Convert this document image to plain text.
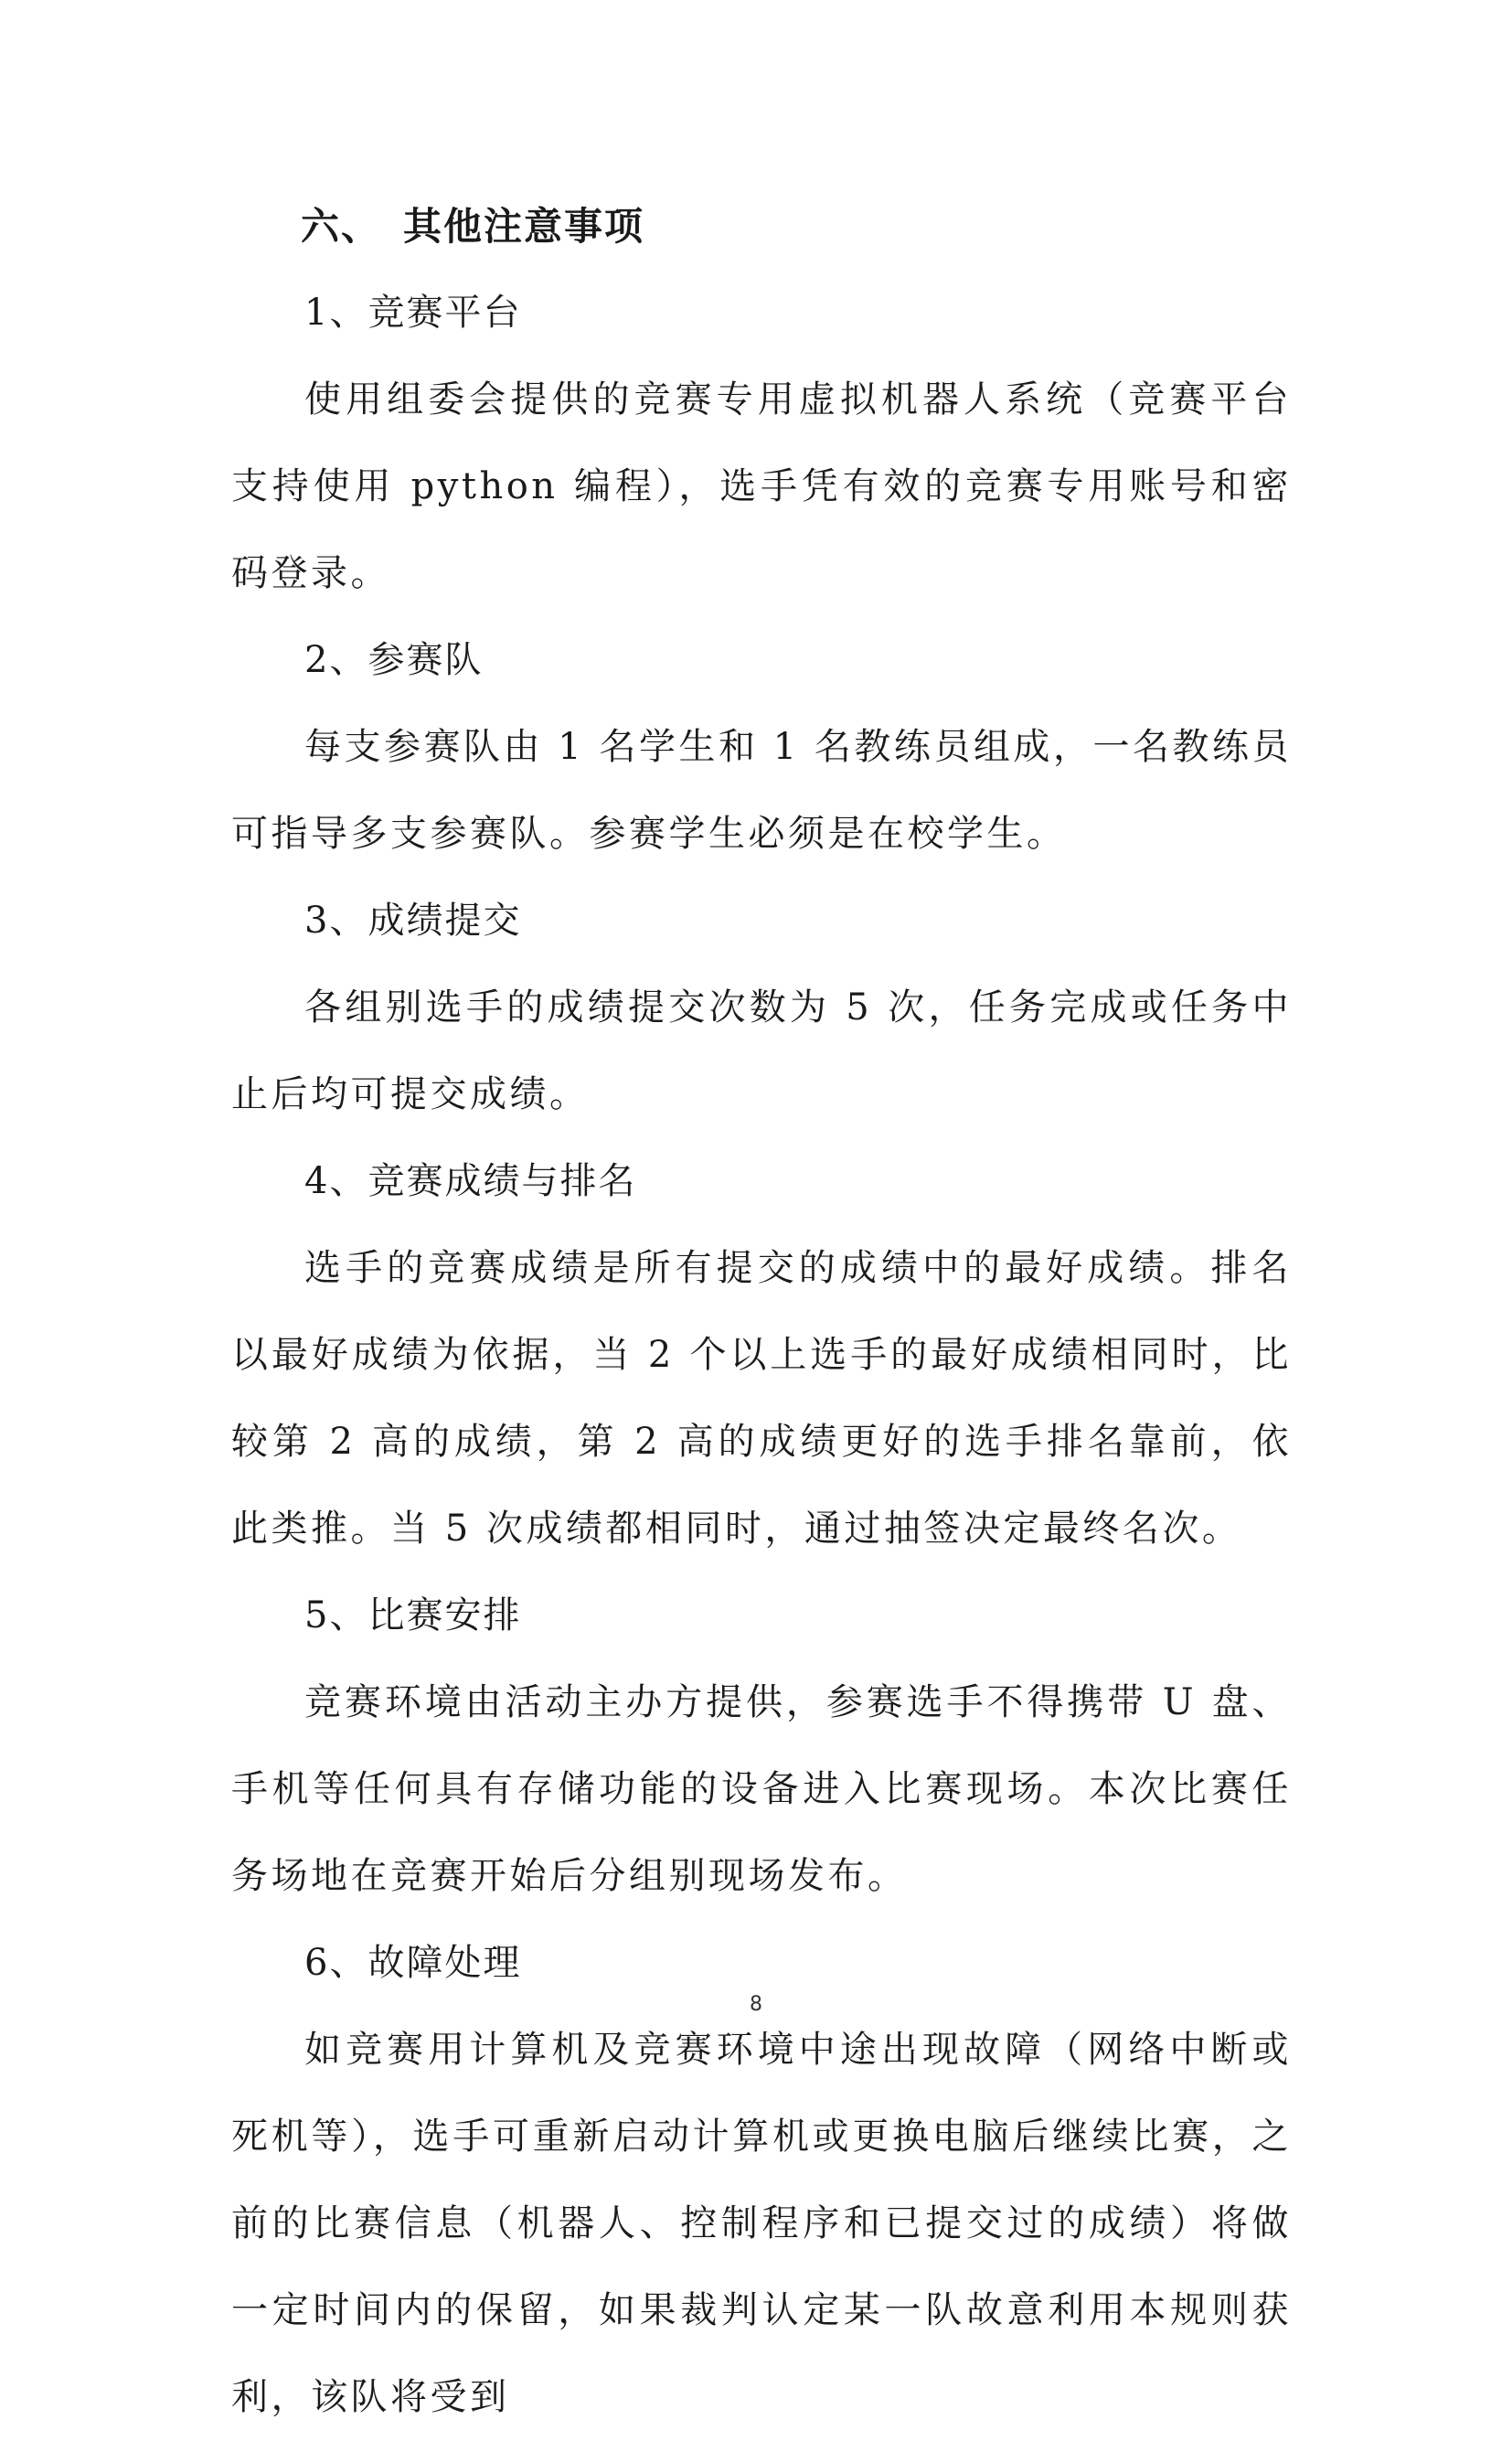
六、 其他注意事项
1、竞赛平台

使用组委会提供的竞赛专用虚拟机器人系统（竞赛平台支持使用 python 编程），选手凭有效的竞赛专用账号和密码登录。

2、参赛队

每支参赛队由 1 名学生和 1 名教练员组成，一名教练员可指导多支参赛队。参赛学生必须是在校学生。

3、成绩提交

各组别选手的成绩提交次数为 5 次，任务完成或任务中止后均可提交成绩。

4、竞赛成绩与排名

选手的竞赛成绩是所有提交的成绩中的最好成绩。排名以最好成绩为依据，当 2 个以上选手的最好成绩相同时，比较第 2 高的成绩，第 2 高的成绩更好的选手排名靠前，依此类推。当 5 次成绩都相同时，通过抽签决定最终名次。

5、比赛安排

竞赛环境由活动主办方提供，参赛选手不得携带 U 盘、手机等任何具有存储功能的设备进入比赛现场。本次比赛任务场地在竞赛开始后分组别现场发布。

6、故障处理

如竞赛用计算机及竞赛环境中途出现故障（网络中断或死机等），选手可重新启动计算机或更换电脑后继续比赛，之前的比赛信息（机器人、控制程序和已提交过的成绩）将做一定时间内的保留，如果裁判认定某一队故意利用本规则获利，该队将受到

8
